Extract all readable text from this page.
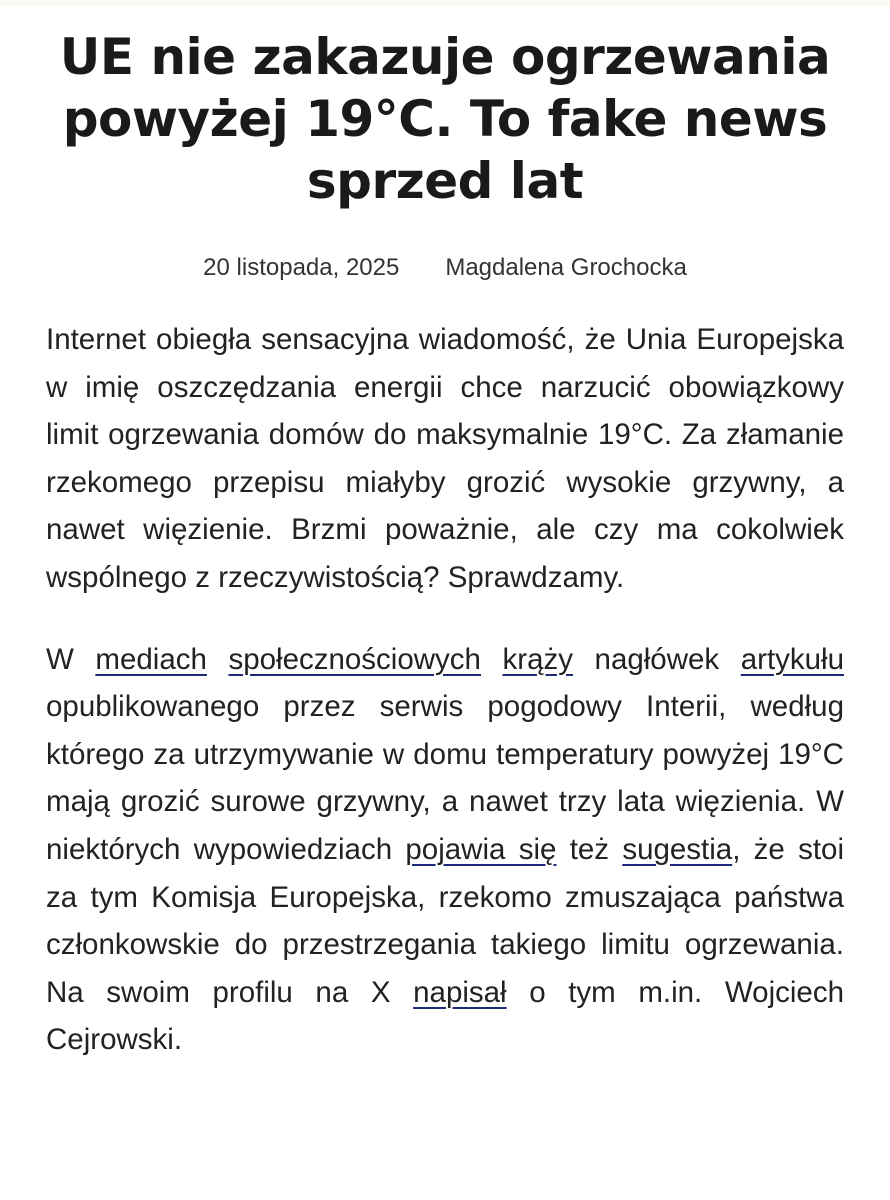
UE nie zakazuje ogrzewania powyżej 19°C. To fake news sprzed lat
20 listopada, 2025 Magdalena Grochocka

Internet obiegła sensacyjna wiadomość, że Unia Europejska w imię oszczędzania energii chce narzucić obowiązkowy limit ogrzewania domów do maksymalnie 19°C. Za złamanie rzekomego przepisu miałyby grozić wysokie grzywny, a nawet więzienie. Brzmi poważnie, ale czy ma cokolwiek wspólnego z rzeczywistością? Sprawdzamy.

W mediach społecznościowych krąży nagłówek artykułu opublikowanego przez serwis pogodowy Interii, według którego za utrzymywanie w domu temperatury powyżej 19°C mają grozić surowe grzywny, a nawet trzy lata więzienia. W niektórych wypowiedziach pojawia się też sugestia, że stoi za tym Komisja Europejska, rzekomo zmuszająca państwa członkowskie do przestrzegania takiego limitu ogrzewania. Na swoim profilu na X napisał o tym m.in. Wojciech Cejrowski.
